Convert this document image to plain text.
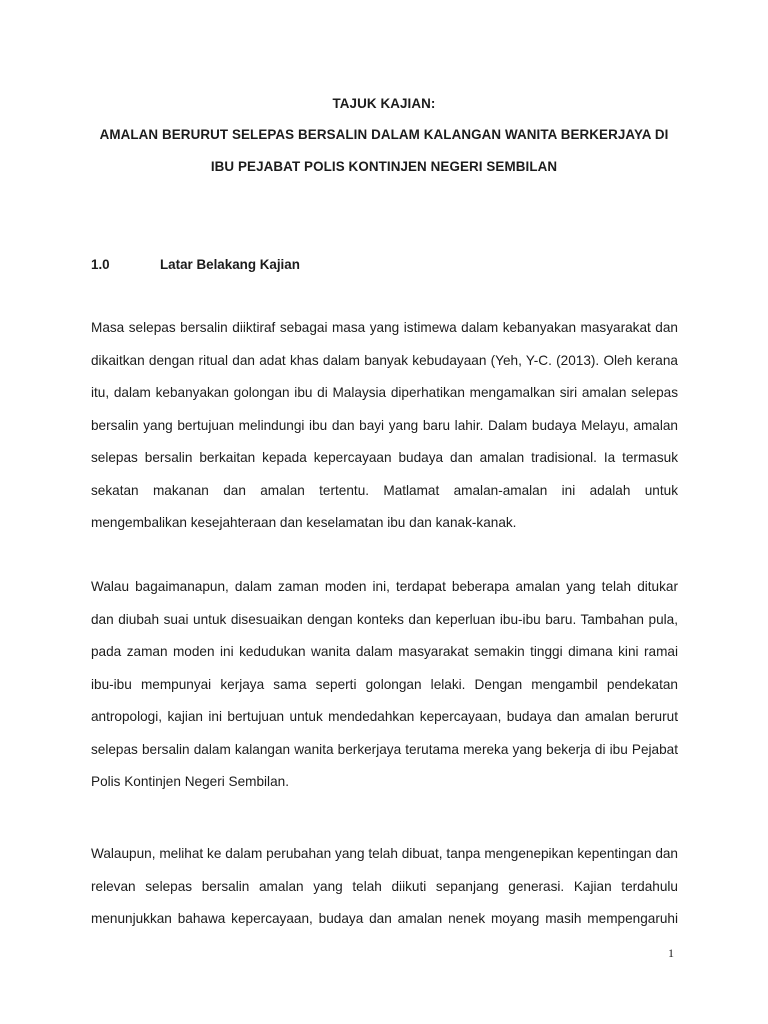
TAJUK KAJIAN:
AMALAN BERURUT SELEPAS BERSALIN DALAM KALANGAN WANITA BERKERJAYA DI
IBU PEJABAT POLIS KONTINJEN NEGERI SEMBILAN
1.0	Latar Belakang Kajian

Masa selepas bersalin diiktiraf sebagai masa yang istimewa dalam kebanyakan masyarakat dan dikaitkan dengan ritual dan adat khas dalam banyak kebudayaan (Yeh, Y-C. (2013). Oleh kerana itu, dalam kebanyakan golongan ibu di Malaysia diperhatikan mengamalkan siri amalan selepas bersalin yang bertujuan melindungi ibu dan bayi yang baru lahir. Dalam budaya Melayu, amalan selepas bersalin berkaitan kepada kepercayaan budaya dan amalan tradisional. Ia termasuk sekatan makanan dan amalan tertentu. Matlamat amalan-amalan ini adalah untuk mengembalikan kesejahteraan dan keselamatan ibu dan kanak-kanak.

Walau bagaimanapun, dalam zaman moden ini, terdapat beberapa amalan yang telah ditukar dan diubah suai untuk disesuaikan dengan konteks dan keperluan ibu-ibu baru. Tambahan pula, pada zaman moden ini kedudukan wanita dalam masyarakat semakin tinggi dimana kini ramai ibu-ibu mempunyai kerjaya sama seperti golongan lelaki. Dengan mengambil pendekatan antropologi, kajian ini bertujuan untuk mendedahkan kepercayaan, budaya dan amalan berurut selepas bersalin dalam kalangan wanita berkerjaya terutama mereka yang bekerja di ibu Pejabat Polis Kontinjen Negeri Sembilan.

Walaupun, melihat ke dalam perubahan yang telah dibuat, tanpa mengenepikan kepentingan dan relevan selepas bersalin amalan yang telah diikuti sepanjang generasi. Kajian terdahulu menunjukkan bahawa kepercayaan, budaya dan amalan nenek moyang masih mempengaruhi

1
